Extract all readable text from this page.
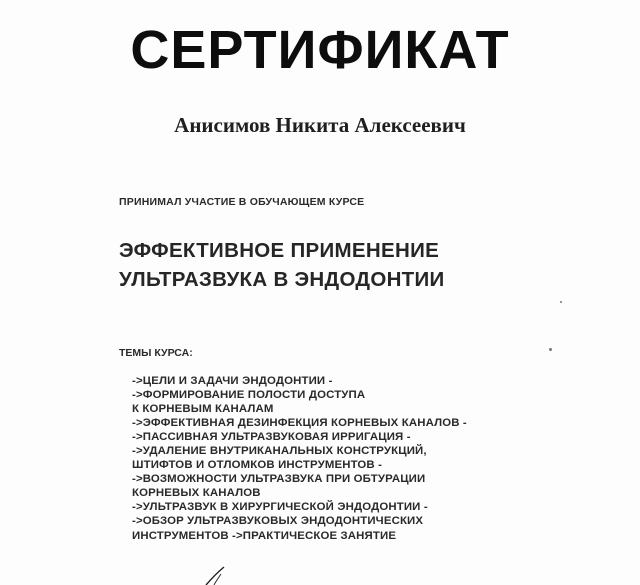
СЕРТИФИКАТ
Анисимов Никита Алексеевич
ПРИНИМАЛ УЧАСТИЕ В ОБУЧАЮЩЕМ КУРСЕ
ЭФФЕКТИВНОЕ ПРИМЕНЕНИЕ
УЛЬТРАЗВУКА В ЭНДОДОНТИИ
ТЕМЫ КУРСА:
->ЦЕЛИ И ЗАДАЧИ ЭНДОДОНТИИ -
->ФОРМИРОВАНИЕ ПОЛОСТИ ДОСТУПА
К КОРНЕВЫМ КАНАЛАМ
->ЭФФЕКТИВНАЯ ДЕЗИНФЕКЦИЯ КОРНЕВЫХ КАНАЛОВ -
->ПАССИВНАЯ УЛЬТРАЗВУКОВАЯ ИРРИГАЦИЯ -
->УДАЛЕНИЕ ВНУТРИКАНАЛЬНЫХ КОНСТРУКЦИЙ,
ШТИФТОВ И ОТЛОМКОВ ИНСТРУМЕНТОВ -
->ВОЗМОЖНОСТИ УЛЬТРАЗВУКА ПРИ ОБТУРАЦИИ
КОРНЕВЫХ КАНАЛОВ
->УЛЬТРАЗВУК В ХИРУРГИЧЕСКОЙ ЭНДОДОНТИИ -
->ОБЗОР УЛЬТРАЗВУКОВЫХ ЭНДОДОНТИЧЕСКИХ
ИНСТРУМЕНТОВ ->ПРАКТИЧЕСКОЕ ЗАНЯТИЕ
